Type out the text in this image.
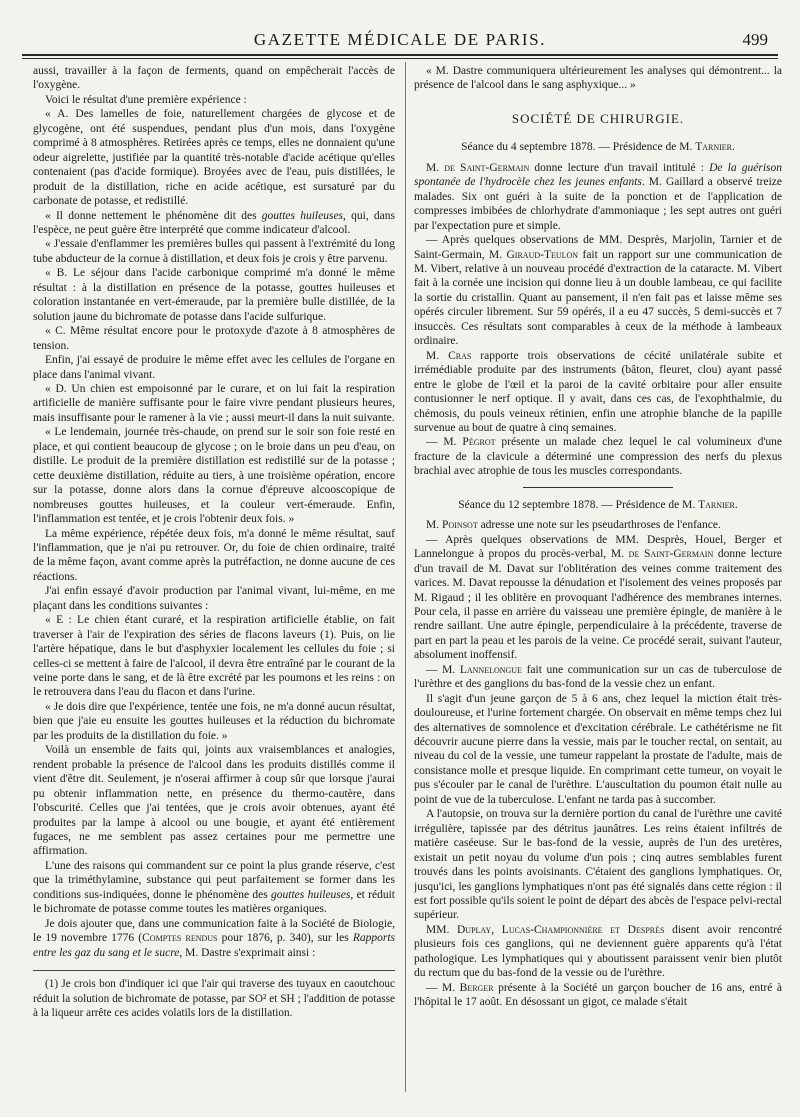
GAZETTE MÉDICALE DE PARIS.	499

aussi, travailler à la façon de ferments, quand on empêcherait l'accès de l'oxygène.

Voici le résultat d'une première expérience :

« A. Des lamelles de foie, naturellement chargées de glycose et de glycogène, ont été suspendues, pendant plus d'un mois, dans l'oxygène comprimé à 8 atmosphères. Retirées après ce temps, elles ne donnaient qu'une odeur aigrelette, justifiée par la quantité très-notable d'acide acétique qu'elles contenaient (pas d'acide formique). Broyées avec de l'eau, puis distillées, le produit de la distillation, riche en acide acétique, est sursaturé par du carbonate de potasse, et redistillé.

« Il donne nettement le phénomène dit des gouttes huileuses, qui, dans l'espèce, ne peut guère être interprété que comme indicateur d'alcool.

« J'essaie d'enflammer les premières bulles qui passent à l'extrémité du long tube abducteur de la cornue à distillation, et deux fois je crois y être parvenu.

« B. Le séjour dans l'acide carbonique comprimé m'a donné le même résultat : à la distillation en présence de la potasse, gouttes huileuses et coloration instantanée en vert-émeraude, par la première bulle distillée, de la solution jaune du bichromate de potasse dans l'acide sulfurique.

« C. Même résultat encore pour le protoxyde d'azote à 8 atmosphères de tension.

Enfin, j'ai essayé de produire le même effet avec les cellules de l'organe en place dans l'animal vivant.

« D. Un chien est empoisonné par le curare, et on lui fait la respiration artificielle de manière suffisante pour le faire vivre pendant plusieurs heures, mais insuffisante pour le ramener à la vie ; aussi meurt-il dans la nuit suivante.

« Le lendemain, journée très-chaude, on prend sur le soir son foie resté en place, et qui contient beaucoup de glycose ; on le broie dans un peu d'eau, on distille. Le produit de la première distillation est redistillé sur de la potasse ; cette deuxième distillation, réduite au tiers, à une troisième opération, encore sur la potasse, donne alors dans la cornue d'épreuve alcooscopique de nombreuses gouttes huileuses, et la couleur vert-émeraude. Enfin, l'inflammation est tentée, et je crois l'obtenir deux fois. »

La même expérience, répétée deux fois, m'a donné le même résultat, sauf l'inflammation, que je n'ai pu retrouver. Or, du foie de chien ordinaire, traité de la même façon, avant comme après la putréfaction, ne donne aucune de ces réactions.

J'ai enfin essayé d'avoir production par l'animal vivant, lui-même, en me plaçant dans les conditions suivantes :

« E : Le chien étant curaré, et la respiration artificielle établie, on fait traverser à l'air de l'expiration des séries de flacons laveurs (1). Puis, on lie l'artère hépatique, dans le but d'asphyxier localement les cellules du foie ; si celles-ci se mettent à faire de l'alcool, il devra être entraîné par le courant de la veine porte dans le sang, et de là être excrété par les poumons et les reins : on le retrouvera dans l'eau du flacon et dans l'urine.

« Je dois dire que l'expérience, tentée une fois, ne m'a donné aucun résultat, bien que j'aie eu ensuite les gouttes huileuses et la réduction du bichromate par les produits de la distillation du foie. »

Voilà un ensemble de faits qui, joints aux vraisemblances et analogies, rendent probable la présence de l'alcool dans les produits distillés comme il vient d'être dit. Seulement, je n'oserai affirmer à coup sûr que lorsque j'aurai pu obtenir inflammation nette, en présence du thermo-cautère, dans l'obscurité. Celles que j'ai tentées, que je crois avoir obtenues, ayant été produites par la lampe à alcool ou une bougie, et ayant été entièrement fugaces, ne me semblent pas assez certaines pour me permettre une affirmation.

L'une des raisons qui commandent sur ce point la plus grande réserve, c'est que la triméthylamine, substance qui peut parfaitement se former dans les conditions sus-indiquées, donne le phénomène des gouttes huileuses, et réduit le bichromate de potasse comme toutes les matières organiques.

Je dois ajouter que, dans une communication faite à la Société de Biologie, le 19 novembre 1776 (Comptes rendus pour 1876, p. 340), sur les Rapports entre les gaz du sang et le sucre, M. Dastre s'exprimait ainsi :

(1) Je crois bon d'indiquer ici que l'air qui traverse des tuyaux en caoutchouc réduit la solution de bichromate de potasse, par SO² et SH ; l'addition de potasse à la liqueur arrête ces acides volatils lors de la distillation.

« M. Dastre communiquera ultérieurement les analyses qui démontrent... la présence de l'alcool dans le sang asphyxique... »

SOCIÉTÉ DE CHIRURGIE.

Séance du 4 septembre 1878. — Présidence de M. Tarnier.

M. de Saint-Germain donne lecture d'un travail intitulé : De la guérison spontanée de l'hydrocèle chez les jeunes enfants. M. Gaillard a observé treize malades. Six ont guéri à la suite de la ponction et de l'application de compresses imbibées de chlorhydrate d'ammoniaque ; les sept autres ont guéri par l'expectation pure et simple.

— Après quelques observations de MM. Desprès, Marjolin, Tarnier et de Saint-Germain, M. Giraud-Teulon fait un rapport sur une communication de M. Vibert, relative à un nouveau procédé d'extraction de la cataracte. M. Vibert fait à la cornée une incision qui donne lieu à un double lambeau, ce qui facilite la sortie du cristallin. Quant au pansement, il n'en fait pas et laisse même ses opérés circuler librement. Sur 59 opérés, il a eu 47 succès, 5 demi-succès et 7 insuccès. Ces résultats sont comparables à ceux de la méthode à lambeaux ordinaire.

M. Cras rapporte trois observations de cécité unilatérale subite et irrémédiable produite par des instruments (bâton, fleuret, clou) ayant passé entre le globe de l'œil et la paroi de la cavité orbitaire pour aller ensuite contusionner le nerf optique. Il y avait, dans ces cas, de l'exophthalmie, du chémosis, du pouls veineux rétinien, enfin une atrophie blanche de la papille survenue au bout de quatre à cinq semaines.

— M. Pégrot présente un malade chez lequel le cal volumineux d'une fracture de la clavicule a déterminé une compression des nerfs du plexus brachial avec atrophie de tous les muscles correspondants.

Séance du 12 septembre 1878. — Présidence de M. Tarnier.

M. Poinsot adresse une note sur les pseudarthroses de l'enfance.

— Après quelques observations de MM. Desprès, Houel, Berger et Lannelongue à propos du procès-verbal, M. de Saint-Germain donne lecture d'un travail de M. Davat sur l'oblitération des veines comme traitement des varices. M. Davat repousse la dénudation et l'isolement des veines proposés par M. Rigaud ; il les oblitère en provoquant l'adhérence des membranes internes. Pour cela, il passe en arrière du vaisseau une première épingle, de manière à le rendre saillant. Une autre épingle, perpendiculaire à la précédente, traverse de part en part la peau et les parois de la veine. Ce procédé serait, suivant l'auteur, absolument inoffensif.

— M. Lannelongue fait une communication sur un cas de tuberculose de l'urèthre et des ganglions du bas-fond de la vessie chez un enfant.

Il s'agit d'un jeune garçon de 5 à 6 ans, chez lequel la miction était très-douloureuse, et l'urine fortement chargée. On observait en même temps chez lui des alternatives de somnolence et d'excitation cérébrale. Le cathétérisme ne fit découvrir aucune pierre dans la vessie, mais par le toucher rectal, on sentait, au niveau du col de la vessie, une tumeur rappelant la prostate de l'adulte, mais de consistance molle et presque liquide. En comprimant cette tumeur, on voyait le pus s'écouler par le canal de l'urèthre. L'auscultation du poumon était nulle au point de vue de la tuberculose. L'enfant ne tarda pas à succomber.

A l'autopsie, on trouva sur la dernière portion du canal de l'urèthre une cavité irrégulière, tapissée par des détritus jaunâtres. Les reins étaient infiltrés de matière caséeuse. Sur le bas-fond de la vessie, auprès de l'un des uretères, existait un petit noyau du volume d'un pois ; cinq autres semblables furent trouvés dans les points avoisinants. C'étaient des ganglions lymphatiques. Or, jusqu'ici, les ganglions lymphatiques n'ont pas été signalés dans cette région : il est fort possible qu'ils soient le point de départ des abcès de l'espace pelvi-rectal supérieur.

MM. Duplay, Lucas-Championnière et Desprès disent avoir rencontré plusieurs fois ces ganglions, qui ne deviennent guère apparents qu'à l'état pathologique. Les lymphatiques qui y aboutissent paraissent venir bien plutôt du rectum que du bas-fond de la vessie ou de l'urèthre.

— M. Berger présente à la Société un garçon boucher de 16 ans, entré à l'hôpital le 17 août. En désossant un gigot, ce malade s'était
